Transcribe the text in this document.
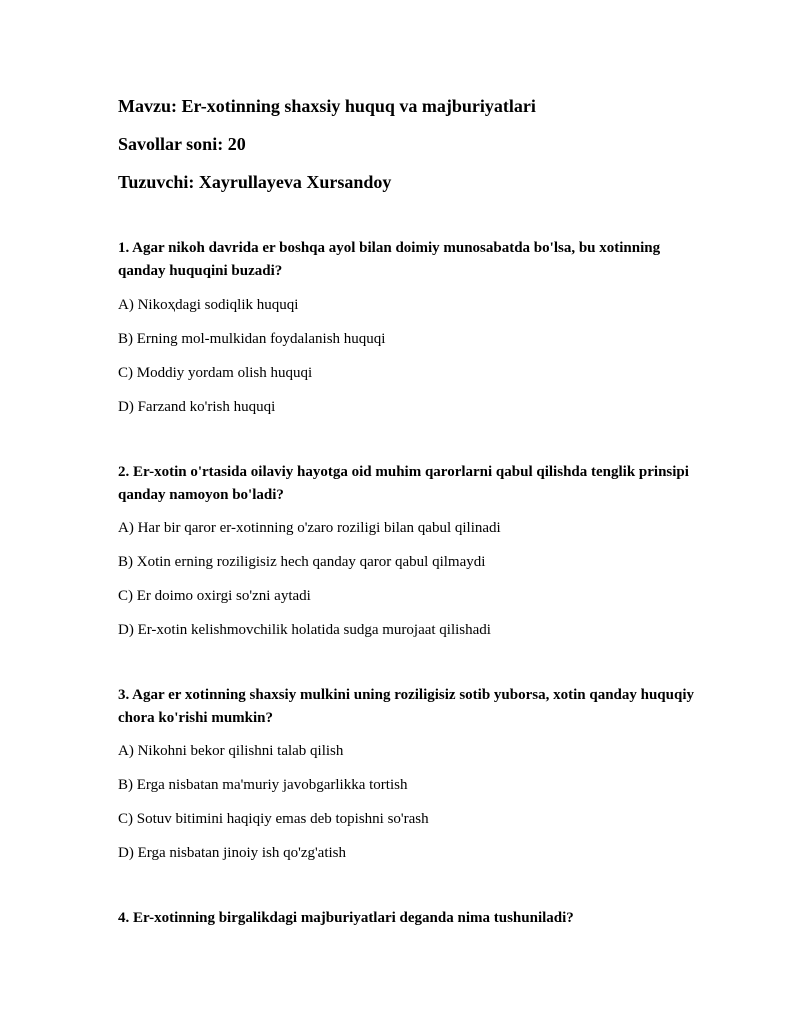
Mavzu: Er-xotinning shaxsiy huquq va majburiyatlari
Savollar soni: 20
Tuzuvchi: Xayrullayeva Xursandoy

1. Agar nikoh davrida er boshqa ayol bilan doimiy munosabatda bo'lsa, bu xotinning qanday huquqini buzadi?

A) Nikoҳdagi sodiqlik huquqi
B) Erning mol-mulkidan foydalanish huquqi
C) Moddiy yordam olish huquqi
D) Farzand ko'rish huquqi

2. Er-xotin o'rtasida oilaviy hayotga oid muhim qarorlarni qabul qilishda tenglik prinsipi qanday namoyon bo'ladi?

A) Har bir qaror er-xotinning o'zaro roziligi bilan qabul qilinadi
B) Xotin erning roziligisiz hech qanday qaror qabul qilmaydi
C) Er doimo oxirgi so'zni aytadi
D) Er-xotin kelishmovchilik holatida sudga murojaat qilishadi

3. Agar er xotinning shaxsiy mulkini uning roziligisiz sotib yuborsa, xotin qanday huquqiy chora ko'rishi mumkin?

A) Nikohni bekor qilishni talab qilish
B) Erga nisbatan ma'muriy javobgarlikka tortish
C) Sotuv bitimini haqiqiy emas deb topishni so'rash
D) Erga nisbatan jinoiy ish qo'zg'atish

4. Er-xotinning birgalikdagi majburiyatlari deganda nima tushuniladi?
